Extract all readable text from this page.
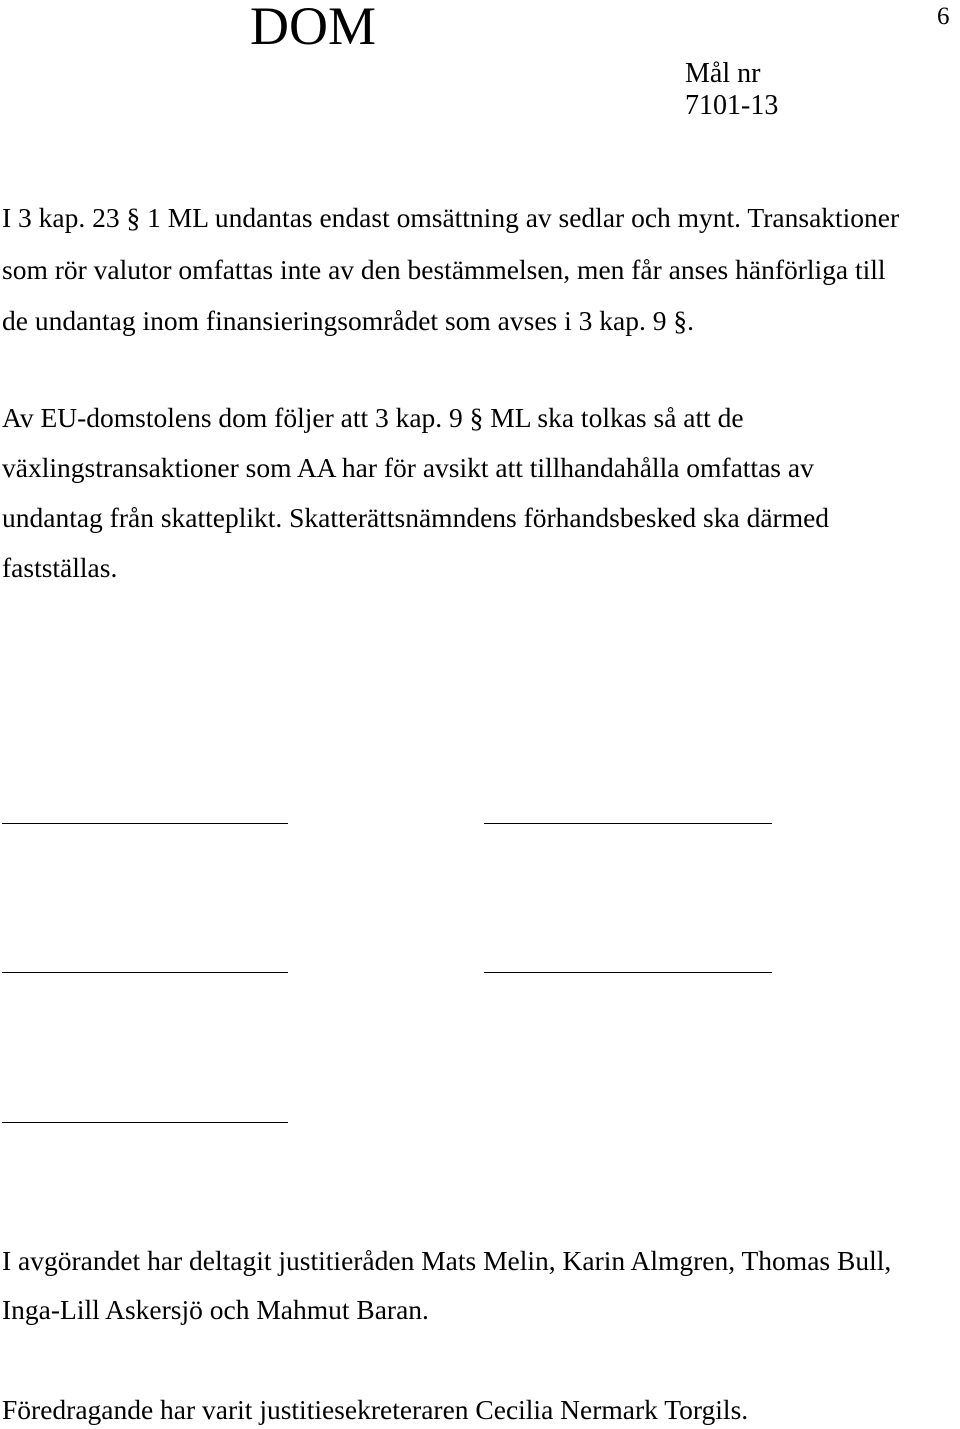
DOM	6
Mål nr
7101-13
I 3 kap. 23 § 1 ML undantas endast omsättning av sedlar och mynt. Transaktioner
som rör valutor omfattas inte av den bestämmelsen, men får anses hänförliga till
de undantag inom finansieringsområdet som avses i 3 kap. 9 §.
Av EU-domstolens dom följer att 3 kap. 9 § ML ska tolkas så att de
växlingstransaktioner som AA har för avsikt att tillhandahålla omfattas av
undantag från skatteplikt. Skatterättsnämndens förhandsbesked ska därmed
fastställas.
I avgörandet har deltagit justitieråden Mats Melin, Karin Almgren, Thomas Bull,
Inga-Lill Askersjö och Mahmut Baran.
Föredragande har varit justitiesekreteraren Cecilia Nermark Torgils.
